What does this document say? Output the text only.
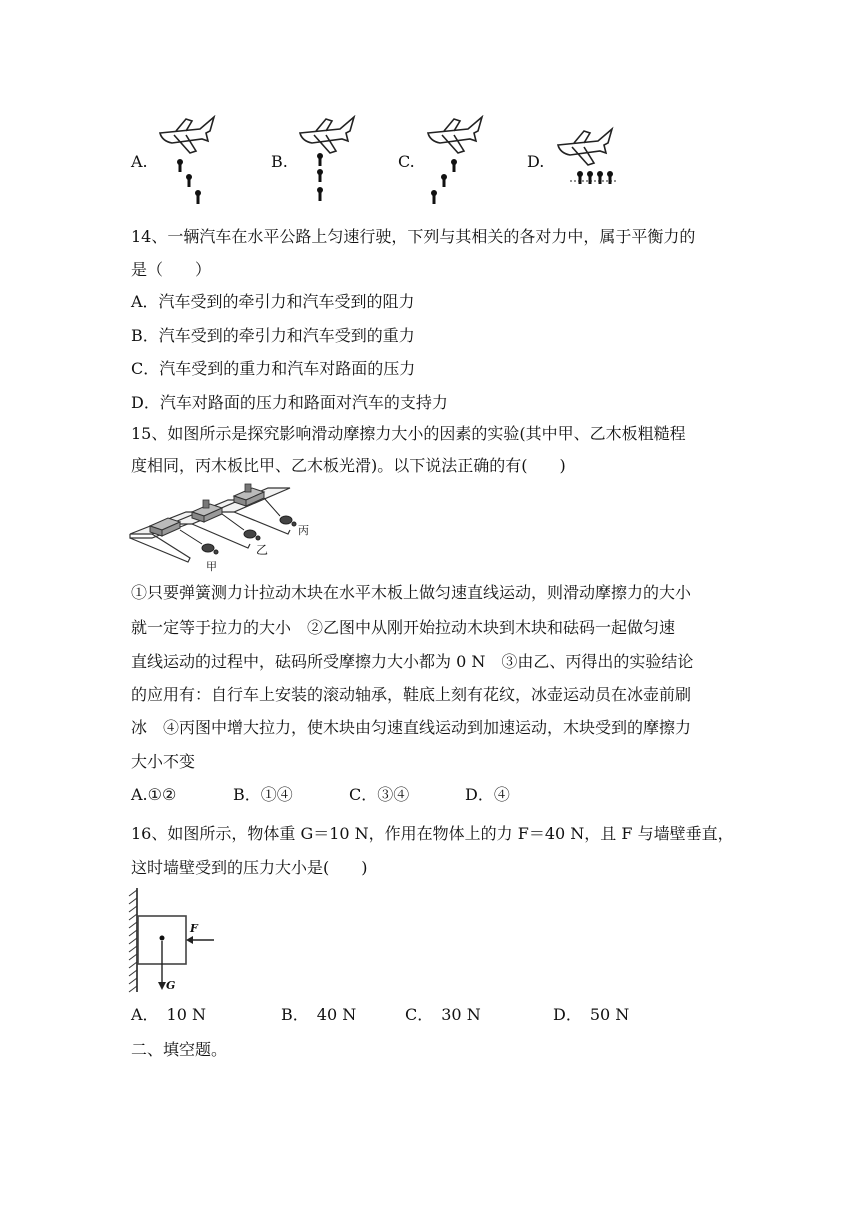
A.	B.	C.	D.
14、一辆汽车在水平公路上匀速行驶，下列与其相关的各对力中，属于平衡力的
是（　　）
A．汽车受到的牵引力和汽车受到的阻力
B．汽车受到的牵引力和汽车受到的重力
C．汽车受到的重力和汽车对路面的压力
D．汽车对路面的压力和路面对汽车的支持力
15、如图所示是探究影响滑动摩擦力大小的因素的实验(其中甲、乙木板粗糙程
度相同，丙木板比甲、乙木板光滑)。以下说法正确的有(　　)
甲
乙
丙
①只要弹簧测力计拉动木块在水平木板上做匀速直线运动，则滑动摩擦力的大小
就一定等于拉力的大小　②乙图中从刚开始拉动木块到木块和砝码一起做匀速
直线运动的过程中，砝码所受摩擦力大小都为 0 N　③由乙、丙得出的实验结论
的应用有：自行车上安装的滚动轴承，鞋底上刻有花纹，冰壶运动员在冰壶前刷
冰　④丙图中增大拉力，使木块由匀速直线运动到加速运动，木块受到的摩擦力
大小不变
A.①②	B．①④	C．③④	D．④
16、如图所示，物体重 G＝10 N，作用在物体上的力 F＝40 N，且 F 与墙壁垂直，
这时墙壁受到的压力大小是(　　)
F
G
A．　10 N	B．　40 N	C．　30 N	D．　50 N
二、填空题。
